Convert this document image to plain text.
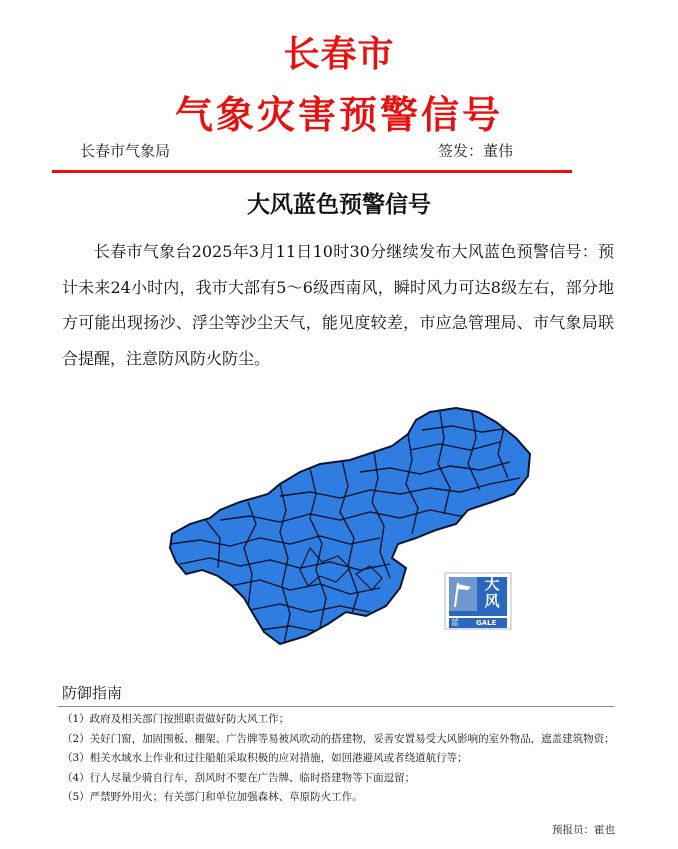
长春市
气象灾害预警信号
长春市气象局	签发：董伟
大风蓝色预警信号
长春市气象台2025年3月11日10时30分继续发布大风蓝色预警信号：预计未来24小时内，我市大部有5～6级西南风，瞬时风力可达8级左右，部分地方可能出现扬沙、浮尘等沙尘天气，能见度较差，市应急管理局、市气象局联合提醒，注意防风防火防尘。
大风
蓝 GALE
防御指南
（1）政府及相关部门按照职责做好防大风工作；
（2）关好门窗，加固围板、棚架、广告牌等易被风吹动的搭建物，妥善安置易受大风影响的室外物品，遮盖建筑物资；
（3）相关水域水上作业和过往船舶采取积极的应对措施，如回港避风或者绕道航行等；
（4）行人尽量少骑自行车，刮风时不要在广告牌、临时搭建物等下面逗留；
（5）严禁野外用火；有关部门和单位加强森林、草原防火工作。
预报员：霍也
